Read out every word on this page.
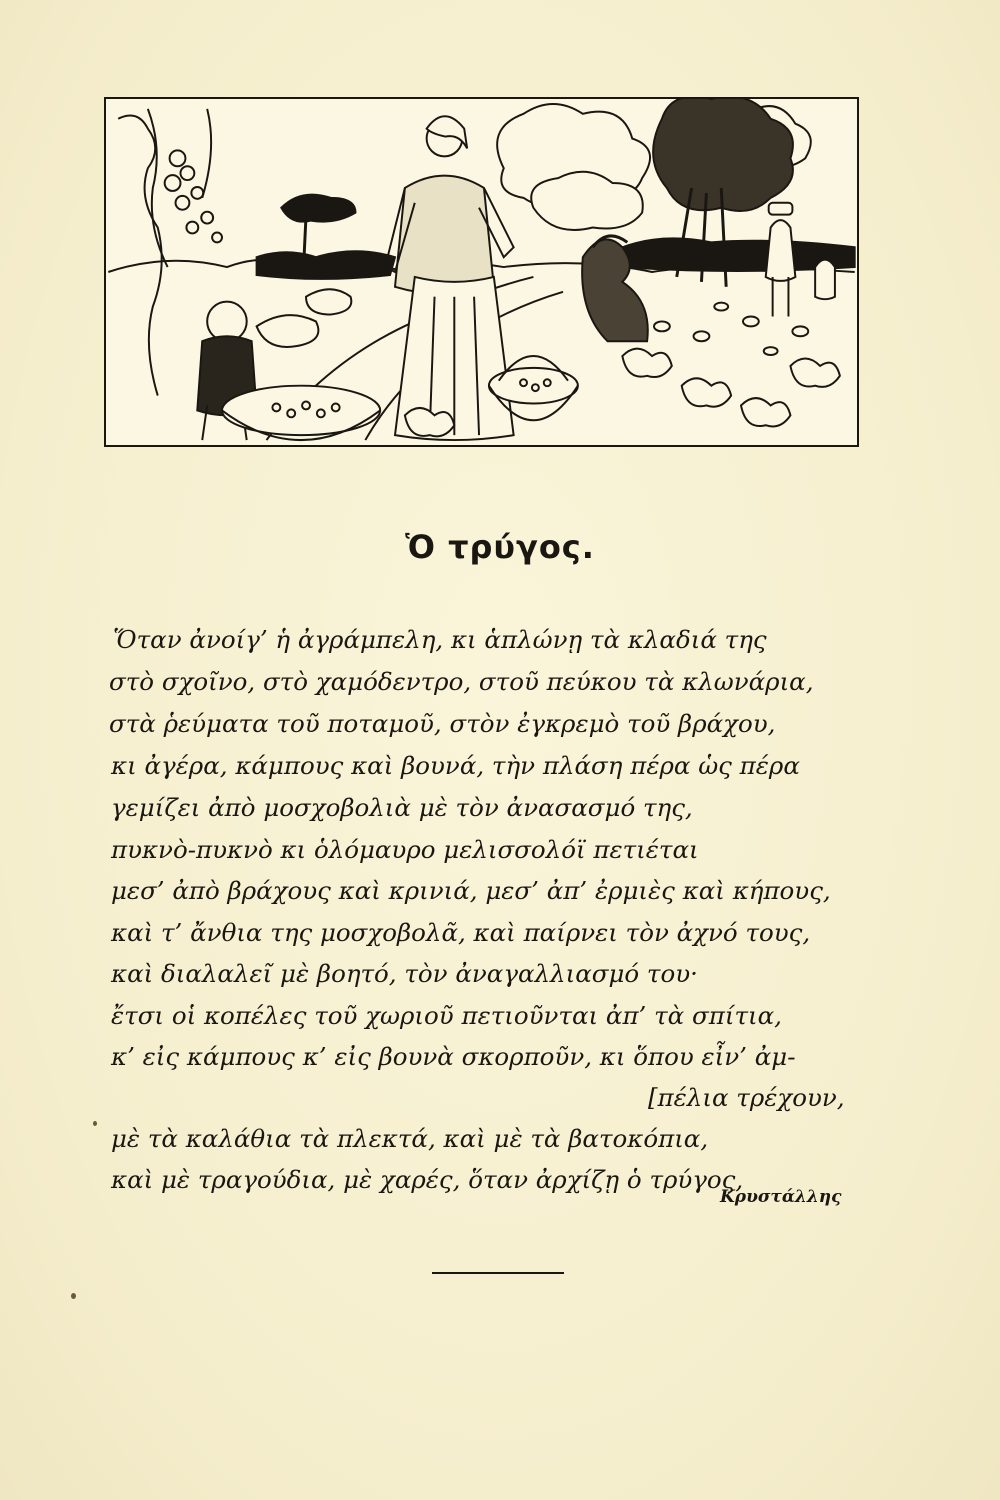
Ὁ τρύγος.
Ὅταν ἀνοίγ’ ἡ ἀγράμπελη, κι ἁπλώνῃ τὰ κλαδιά της
στὸ σχοῖνο, στὸ χαμόδεντρο, στοῦ πεύκου τὰ κλωνάρια,
στὰ ῥεύματα τοῦ ποταμοῦ, στὸν ἐγκρεμὸ τοῦ βράχου,
κι ἀγέρα, κάμπους καὶ βουνά, τὴν πλάση πέρα ὡς πέρα
γεμίζει ἀπὸ μοσχοβολιὰ μὲ τὸν ἀνασασμό της,
πυκνὸ-πυκνὸ κι ὁλόμαυρο μελισσολόϊ πετιέται
μεσ’ ἀπὸ βράχους καὶ κρινιά, μεσ’ ἀπ’ ἐρμιὲς καὶ κήπους,
καὶ τ’ ἄνθια της μοσχοβολᾶ, καὶ παίρνει τὸν ἀχνό τους,
καὶ διαλαλεῖ μὲ βοητό, τὸν ἀναγαλλιασμό του·
ἔτσι οἱ κοπέλες τοῦ χωριοῦ πετιοῦνται ἀπ’ τὰ σπίτια,
κ’ εἰς κάμπους κ’ εἰς βουνὰ σκορποῦν, κι ὅπου εἶν’ ἀμ-
[πέλια τρέχουν,
μὲ τὰ καλάθια τὰ πλεκτά, καὶ μὲ τὰ βατοκόπια,
καὶ μὲ τραγούδια, μὲ χαρές, ὅταν ἀρχίζῃ ὁ τρύγος,
Κρυστάλλης
